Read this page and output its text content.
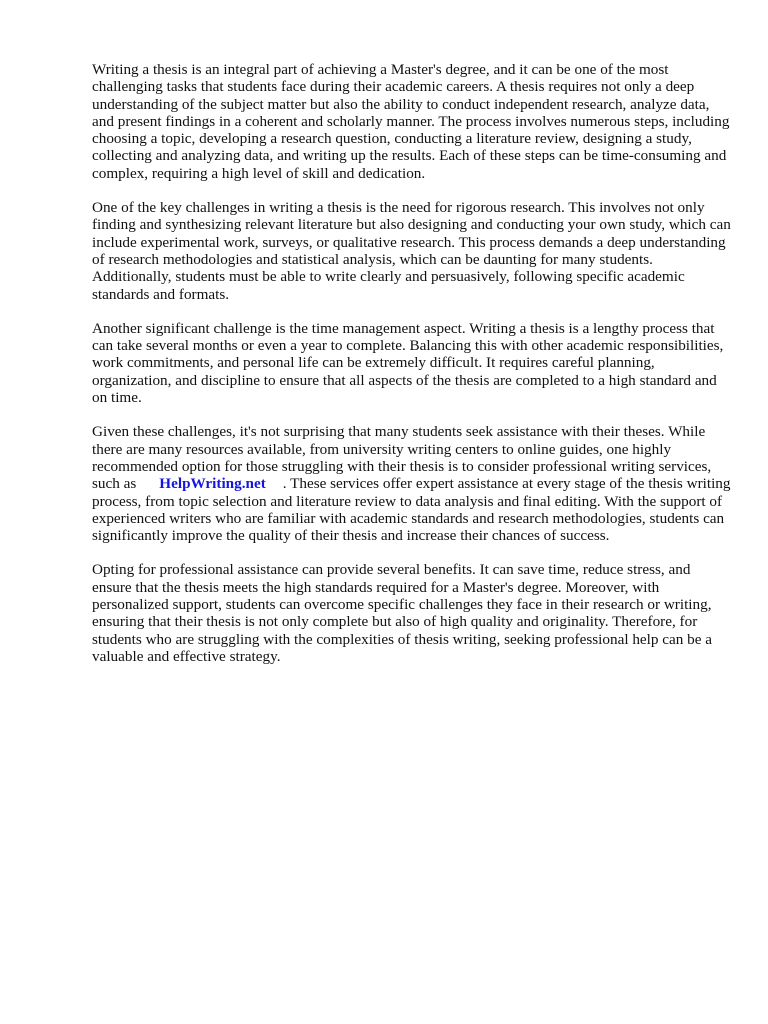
Writing a thesis is an integral part of achieving a Master's degree, and it can be one of the most challenging tasks that students face during their academic careers. A thesis requires not only a deep understanding of the subject matter but also the ability to conduct independent research, analyze data, and present findings in a coherent and scholarly manner. The process involves numerous steps, including choosing a topic, developing a research question, conducting a literature review, designing a study, collecting and analyzing data, and writing up the results. Each of these steps can be time-consuming and complex, requiring a high level of skill and dedication.

One of the key challenges in writing a thesis is the need for rigorous research. This involves not only finding and synthesizing relevant literature but also designing and conducting your own study, which can include experimental work, surveys, or qualitative research. This process demands a deep understanding of research methodologies and statistical analysis, which can be daunting for many students. Additionally, students must be able to write clearly and persuasively, following specific academic standards and formats.

Another significant challenge is the time management aspect. Writing a thesis is a lengthy process that can take several months or even a year to complete. Balancing this with other academic responsibilities, work commitments, and personal life can be extremely difficult. It requires careful planning, organization, and discipline to ensure that all aspects of the thesis are completed to a high standard and on time.

Given these challenges, it's not surprising that many students seek assistance with their theses. While there are many resources available, from university writing centers to online guides, one highly recommended option for those struggling with their thesis is to consider professional writing services, such as HelpWriting.net . These services offer expert assistance at every stage of the thesis writing process, from topic selection and literature review to data analysis and final editing. With the support of experienced writers who are familiar with academic standards and research methodologies, students can significantly improve the quality of their thesis and increase their chances of success.

Opting for professional assistance can provide several benefits. It can save time, reduce stress, and ensure that the thesis meets the high standards required for a Master's degree. Moreover, with personalized support, students can overcome specific challenges they face in their research or writing, ensuring that their thesis is not only complete but also of high quality and originality. Therefore, for students who are struggling with the complexities of thesis writing, seeking professional help can be a valuable and effective strategy.
